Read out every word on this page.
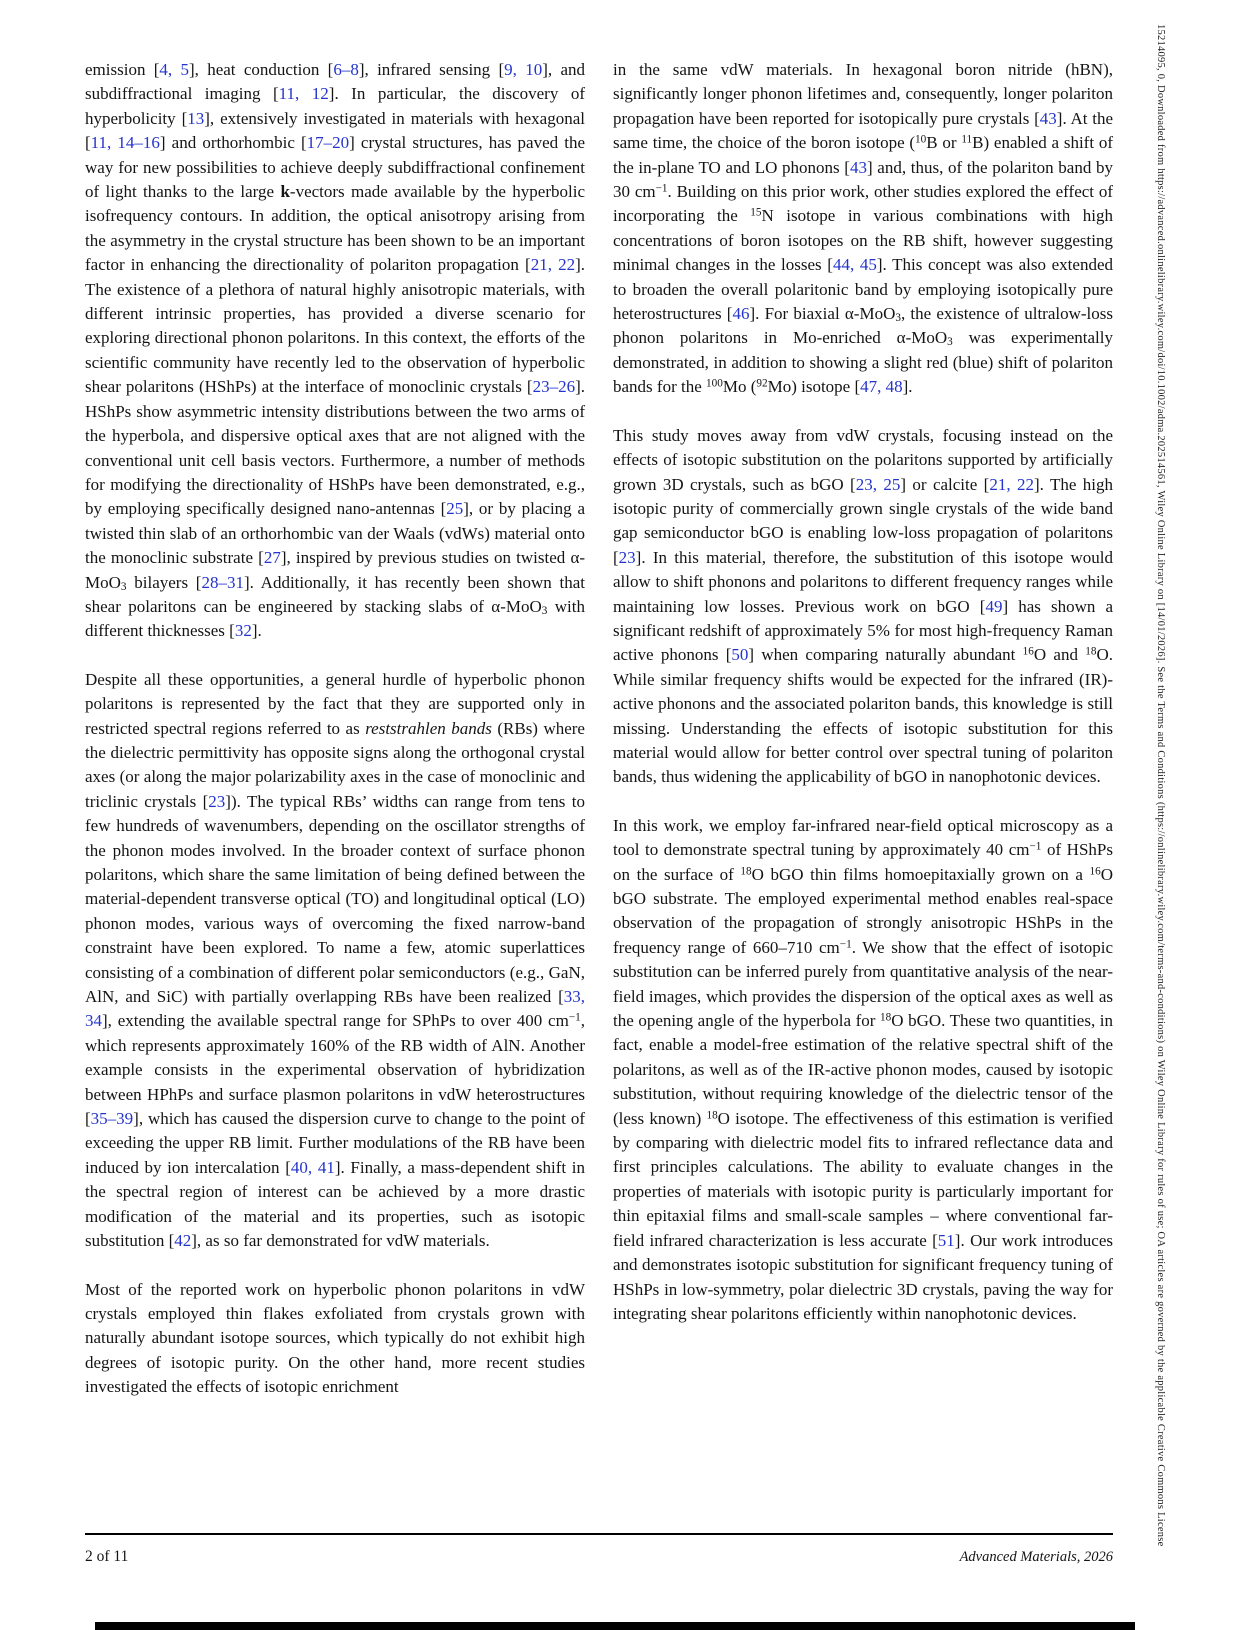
emission [4, 5], heat conduction [6–8], infrared sensing [9, 10], and subdiffractional imaging [11, 12]. In particular, the discovery of hyperbolicity [13], extensively investigated in materials with hexagonal [11, 14–16] and orthorhombic [17–20] crystal structures, has paved the way for new possibilities to achieve deeply subdiffractional confinement of light thanks to the large k-vectors made available by the hyperbolic isofrequency contours. In addition, the optical anisotropy arising from the asymmetry in the crystal structure has been shown to be an important factor in enhancing the directionality of polariton propagation [21, 22]. The existence of a plethora of natural highly anisotropic materials, with different intrinsic properties, has provided a diverse scenario for exploring directional phonon polaritons. In this context, the efforts of the scientific community have recently led to the observation of hyperbolic shear polaritons (HShPs) at the interface of monoclinic crystals [23–26]. HShPs show asymmetric intensity distributions between the two arms of the hyperbola, and dispersive optical axes that are not aligned with the conventional unit cell basis vectors. Furthermore, a number of methods for modifying the directionality of HShPs have been demonstrated, e.g., by employing specifically designed nano-antennas [25], or by placing a twisted thin slab of an orthorhombic van der Waals (vdWs) material onto the monoclinic substrate [27], inspired by previous studies on twisted α-MoO$_3$ bilayers [28–31]. Additionally, it has recently been shown that shear polaritons can be engineered by stacking slabs of α-MoO$_3$ with different thicknesses [32].

Despite all these opportunities, a general hurdle of hyperbolic phonon polaritons is represented by the fact that they are supported only in restricted spectral regions referred to as reststrahlen bands (RBs) where the dielectric permittivity has opposite signs along the orthogonal crystal axes (or along the major polarizability axes in the case of monoclinic and triclinic crystals [23]). The typical RBs’ widths can range from tens to few hundreds of wavenumbers, depending on the oscillator strengths of the phonon modes involved. In the broader context of surface phonon polaritons, which share the same limitation of being defined between the material-dependent transverse optical (TO) and longitudinal optical (LO) phonon modes, various ways of overcoming the fixed narrow-band constraint have been explored. To name a few, atomic superlattices consisting of a combination of different polar semiconductors (e.g., GaN, AlN, and SiC) with partially overlapping RBs have been realized [33, 34], extending the available spectral range for SPhPs to over 400 $cm^{-1}$, which represents approximately 160% of the RB width of AlN. Another example consists in the experimental observation of hybridization between HPhPs and surface plasmon polaritons in vdW heterostructures [35–39], which has caused the dispersion curve to change to the point of exceeding the upper RB limit. Further modulations of the RB have been induced by ion intercalation [40, 41]. Finally, a mass-dependent shift in the spectral region of interest can be achieved by a more drastic modification of the material and its properties, such as isotopic substitution [42], as so far demonstrated for vdW materials.

Most of the reported work on hyperbolic phonon polaritons in vdW crystals employed thin flakes exfoliated from crystals grown with naturally abundant isotope sources, which typically do not exhibit high degrees of isotopic purity. On the other hand, more recent studies investigated the effects of isotopic enrichment

in the same vdW materials. In hexagonal boron nitride (hBN), significantly longer phonon lifetimes and, consequently, longer polariton propagation have been reported for isotopically pure crystals [43]. At the same time, the choice of the boron isotope ($^{10}$B or $^{11}$B) enabled a shift of the in-plane TO and LO phonons [43] and, thus, of the polariton band by 30 $cm^{-1}$. Building on this prior work, other studies explored the effect of incorporating the $^{15}$N isotope in various combinations with high concentrations of boron isotopes on the RB shift, however suggesting minimal changes in the losses [44, 45]. This concept was also extended to broaden the overall polaritonic band by employing isotopically pure heterostructures [46]. For biaxial α-MoO$_3$, the existence of ultralow-loss phonon polaritons in Mo-enriched α-MoO$_3$ was experimentally demonstrated, in addition to showing a slight red (blue) shift of polariton bands for the $^{100}$Mo ($^{92}$Mo) isotope [47, 48].

This study moves away from vdW crystals, focusing instead on the effects of isotopic substitution on the polaritons supported by artificially grown 3D crystals, such as bGO [23, 25] or calcite [21, 22]. The high isotopic purity of commercially grown single crystals of the wide band gap semiconductor bGO is enabling low-loss propagation of polaritons [23]. In this material, therefore, the substitution of this isotope would allow to shift phonons and polaritons to different frequency ranges while maintaining low losses. Previous work on bGO [49] has shown a significant redshift of approximately 5% for most high-frequency Raman active phonons [50] when comparing naturally abundant $^{16}$O and $^{18}$O. While similar frequency shifts would be expected for the infrared (IR)-active phonons and the associated polariton bands, this knowledge is still missing. Understanding the effects of isotopic substitution for this material would allow for better control over spectral tuning of polariton bands, thus widening the applicability of bGO in nanophotonic devices.

In this work, we employ far-infrared near-field optical microscopy as a tool to demonstrate spectral tuning by approximately 40 $cm^{-1}$ of HShPs on the surface of $^{18}$O bGO thin films homoepitaxially grown on a $^{16}$O bGO substrate. The employed experimental method enables real-space observation of the propagation of strongly anisotropic HShPs in the frequency range of 660–710 $cm^{-1}$. We show that the effect of isotopic substitution can be inferred purely from quantitative analysis of the near-field images, which provides the dispersion of the optical axes as well as the opening angle of the hyperbola for $^{18}$O bGO. These two quantities, in fact, enable a model-free estimation of the relative spectral shift of the polaritons, as well as of the IR-active phonon modes, caused by isotopic substitution, without requiring knowledge of the dielectric tensor of the (less known) $^{18}$O isotope. The effectiveness of this estimation is verified by comparing with dielectric model fits to infrared reflectance data and first principles calculations. The ability to evaluate changes in the properties of materials with isotopic purity is particularly important for thin epitaxial films and small-scale samples – where conventional far-field infrared characterization is less accurate [51]. Our work introduces and demonstrates isotopic substitution for significant frequency tuning of HShPs in low-symmetry, polar dielectric 3D crystals, paving the way for integrating shear polaritons efficiently within nanophotonic devices.

2 of 11	Advanced Materials, 2026
15214095, 0, Downloaded from https://advanced.onlinelibrary.wiley.com/doi/10.1002/adma.202514561, Wiley Online Library on [14/01/2026]. See the Terms and Conditions (https://onlinelibrary.wiley.com/terms-and-conditions) on Wiley Online Library for rules of use; OA articles are governed by the applicable Creative Commons License
